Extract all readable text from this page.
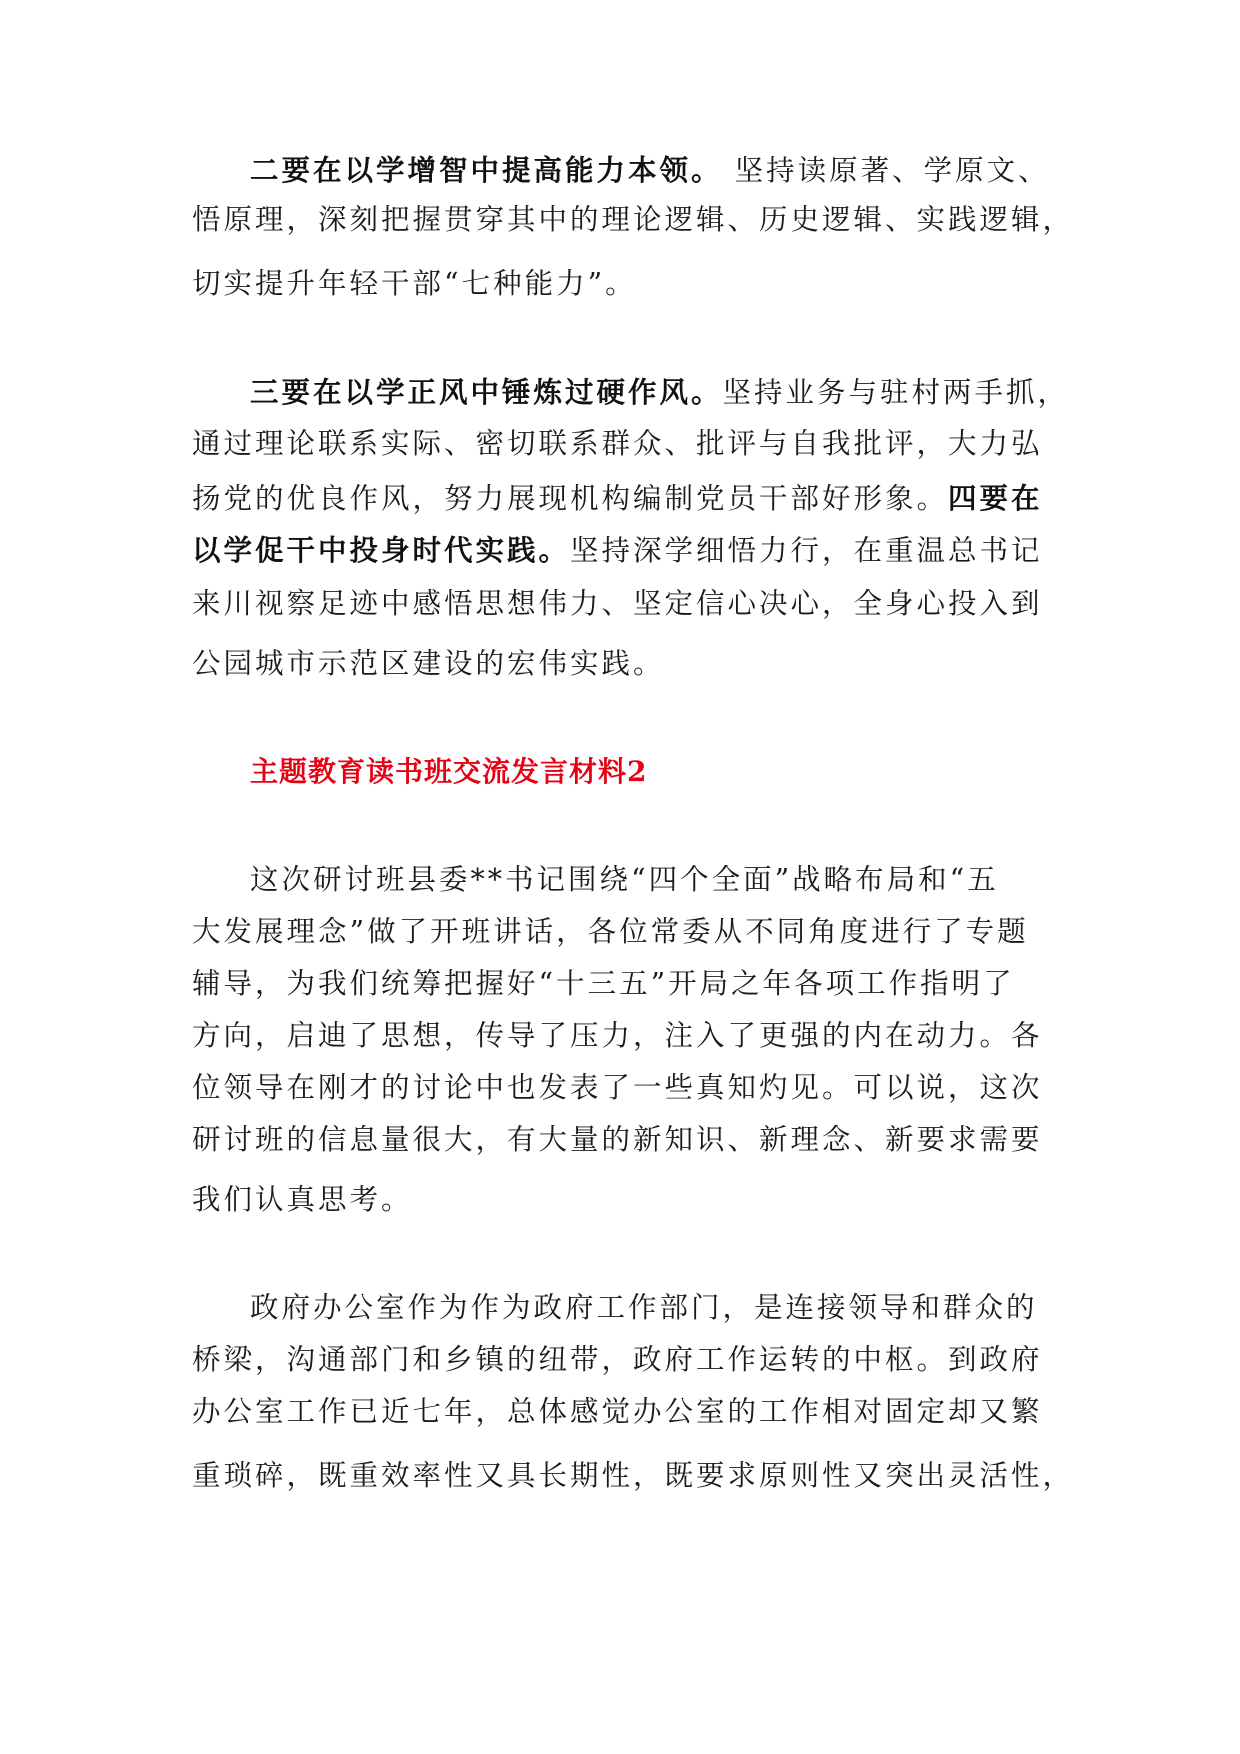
二要在以学增智中提高能力本领。 坚持读原著、学原文、
悟原理，深刻把握贯穿其中的理论逻辑、历史逻辑、实践逻辑，
切实提升年轻干部“七种能力”。
三要在以学正风中锤炼过硬作风。坚持业务与驻村两手抓，
通过理论联系实际、密切联系群众、批评与自我批评，大力弘
扬党的优良作风，努力展现机构编制党员干部好形象。四要在
以学促干中投身时代实践。坚持深学细悟力行，在重温总书记
来川视察足迹中感悟思想伟力、坚定信心决心，全身心投入到
公园城市示范区建设的宏伟实践。
主题教育读书班交流发言材料2
这次研讨班县委**书记围绕“四个全面”战略布局和“五
大发展理念”做了开班讲话，各位常委从不同角度进行了专题
辅导，为我们统筹把握好“十三五”开局之年各项工作指明了
方向，启迪了思想，传导了压力，注入了更强的内在动力。各
位领导在刚才的讨论中也发表了一些真知灼见。可以说，这次
研讨班的信息量很大，有大量的新知识、新理念、新要求需要
我们认真思考。
政府办公室作为作为政府工作部门，是连接领导和群众的
桥梁，沟通部门和乡镇的纽带，政府工作运转的中枢。到政府
办公室工作已近七年，总体感觉办公室的工作相对固定却又繁
重琐碎，既重效率性又具长期性，既要求原则性又突出灵活性，
